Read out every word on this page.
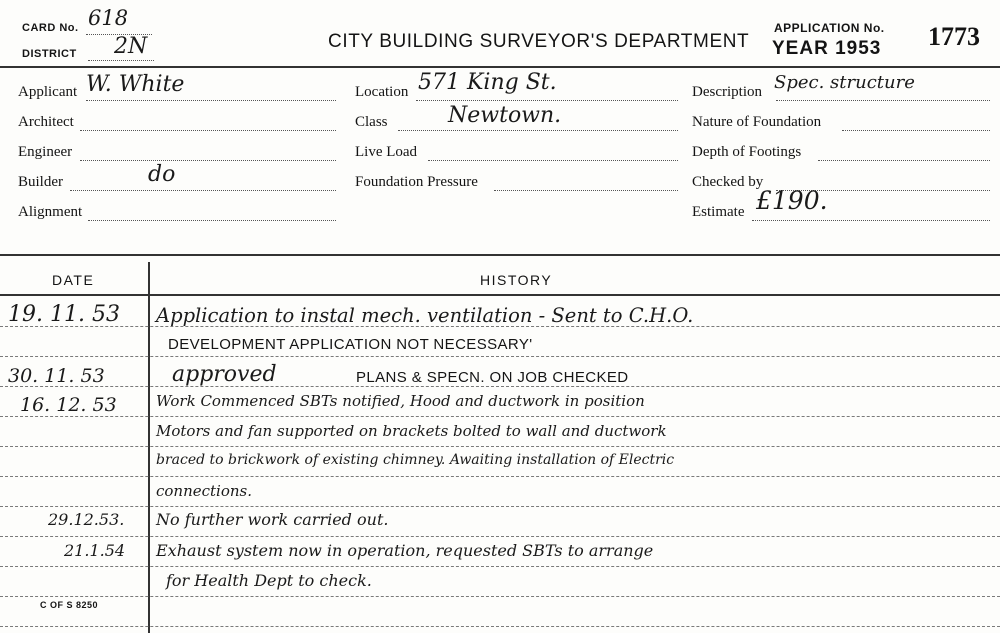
CARD No. 618
DISTRICT 2N	CITY BUILDING SURVEYOR'S DEPARTMENT
APPLICATION No.
YEAR 1953 1773
Applicant W. White
Architect
Engineer
Builder	do
Alignment
Location 571 King St.
Class	Newtown.
Live Load
Foundation Pressure
Description Spec. structure
Nature of Foundation
Depth of Footings
Checked by
Estimate £190.
DATE	HISTORY
19. 11. 53 Application to instal mech. ventilation - Sent to C.H.O.
DEVELOPMENT APPLICATION NOT NECESSARY'
30. 11. 53	approved	PLANS & SPECN. ON JOB CHECKED
16. 12. 53	Work Commenced SBTs notified, Hood and ductwork in position
Motors and fan supported on brackets bolted to wall and ductwork
braced to brickwork of existing chimney. Awaiting installation of Electric
connections.
29.12.53. No further work carried out.
21.1.54 Exhaust system now in operation, requested SBTs to arrange
for Health Dept to check.
C OF S 8250
